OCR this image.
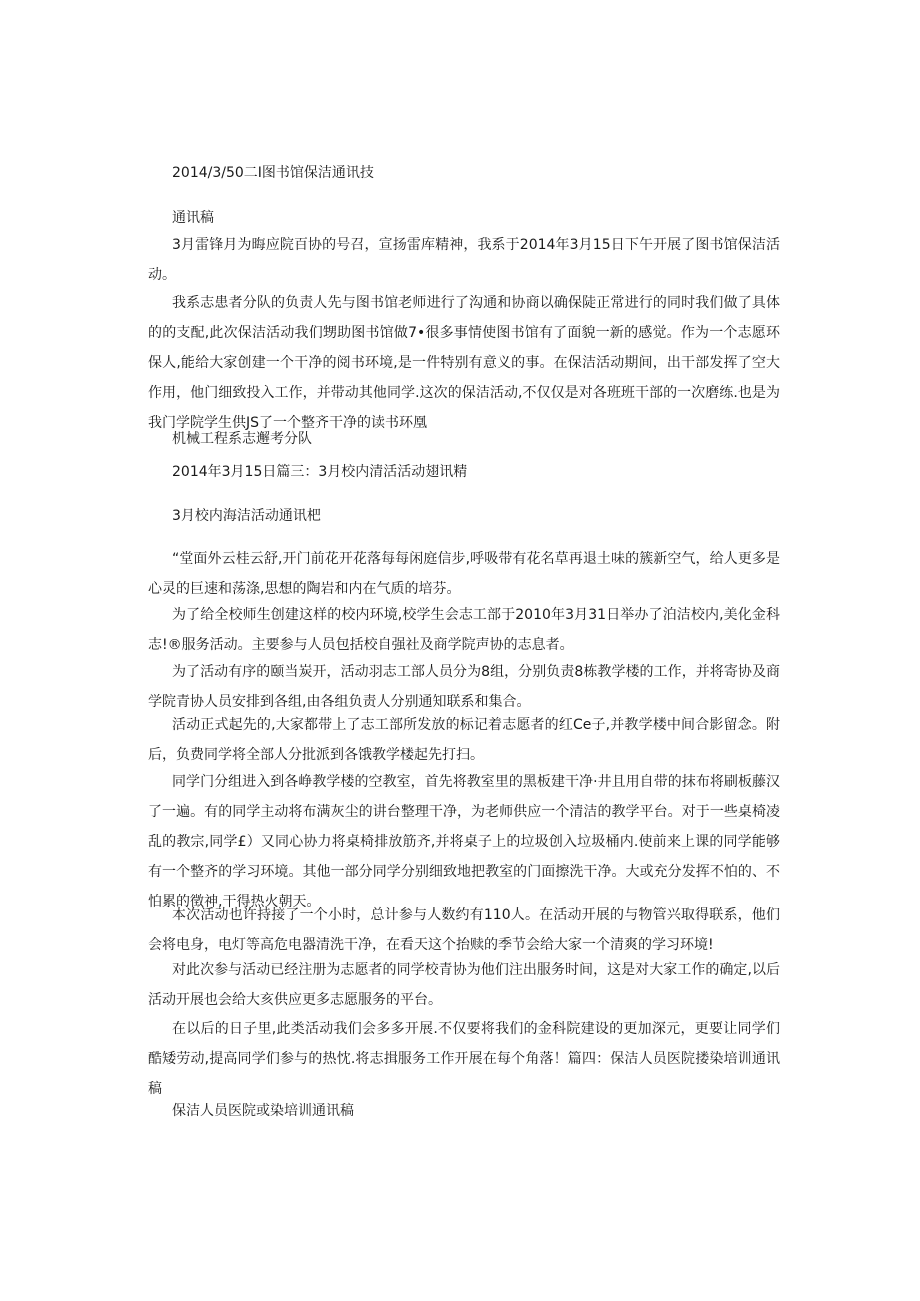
2014/3/50二I图书馆保洁通讯技
通讯稿
3月雷锋月为晦应院百协的号召，宣扬雷库精神，我系于2014年3月15日下午开展了图书馆保洁活动。
我系志患者分队的负责人先与图书馆老师进行了沟通和协商以确保陡正常进行的同时我们做了具体的的支配,此次保洁活动我们甥助图书馆做7•很多事情使图书馆有了面貌一新的感觉。作为一个志愿环保人,能给大家创建一个干净的阅书环境,是一件特别有意义的事。在保洁活动期间，出干部发挥了空大作用，他门细致投入工作，并带动其他同学.这次的保洁活动,不仅仅是对各班班干部的一次磨练.也是为我门学院学生供JS了一个整齐干净的读书环凰
机械工程系志邂考分队
2014年3月15日篇三：3月校内清活活动翅讯精
3月校内海洁活动通讯杷
“堂面外云桂云舒,开门前花开花落每每闲庭信步,呼吸带有花名草再退土味的簇新空气，给人更多是心灵的巨速和荡涤,思想的陶岩和内在气质的培芬。
为了给全校师生创建这样的校内环境,校学生会志工部于2010年3月31日举办了泊洁校内,美化金科志!®服务活动。主要参与人员包括校自强社及商学院声协的志息者。
为了活动有序的颐当炭开，活动羽志工部人员分为8组，分别负责8栋教学楼的工作，并将寄协及商学院青协人员安排到各组,由各组负责人分别通知联系和集合。
活动正式起先的,大家都带上了志工部所发放的标记着志愿者的红Ce子,并教学楼中间合影留念。附后，负费同学将全部人分批派到各饿教学楼起先打扫。
同学门分组进入到各峥教学楼的空教室，首先将教室里的黑板建干净·井且用自带的抹布将刷板藤汉了一遍。有的同学主动将布满灰尘的讲台整理干净，为老师供应一个清洁的教学平台。对于一些桌椅凌乱的教宗,同学£）又同心协力将桌椅排放筋齐,并将桌子上的垃圾创入垃圾桶内.使前来上课的同学能够有一个整齐的学习环境。其他一部分同学分别细致地把教室的门面擦洗干净。大或充分发挥不怕的、不怕累的徵神,干得热火朝天。
本次活动也许持接了一个小时，总计参与人数约有110人。在活动开展的与物管兴取得联系，他们会将电身，电灯等高危电器清洗干净，在看天这个抬赎的季节会给大家一个清爽的学习环境!
对此次参与活动已经注册为志愿者的同学校青协为他们注出服务时间，这是对大家工作的确定,以后活动开展也会给大亥供应更多志愿服务的平台。
在以后的日子里,此类活动我们会多多开展.不仅要将我们的金科院建设的更加深元，更要让同学们酷矮劳动,提高同学们参与的热忱.将志揖服务工作开展在每个角落！篇四：保洁人员医院搂染培训通讯稿
保洁人员医院或染培训通讯稿
